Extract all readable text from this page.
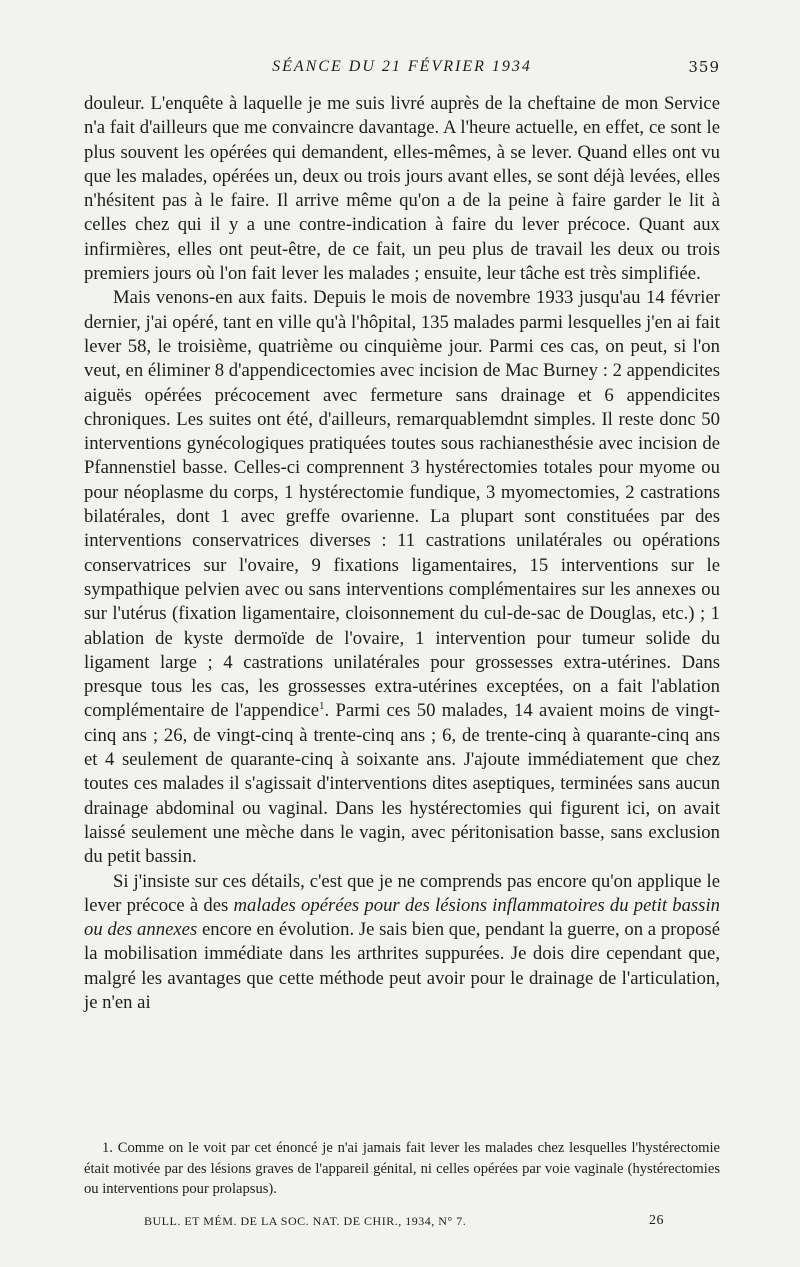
SÉANCE DU 21 FÉVRIER 1934	359

douleur. L'enquête à laquelle je me suis livré auprès de la cheftaine de mon Service n'a fait d'ailleurs que me convaincre davantage. A l'heure actuelle, en effet, ce sont le plus souvent les opérées qui demandent, elles-mêmes, à se lever. Quand elles ont vu que les malades, opérées un, deux ou trois jours avant elles, se sont déjà levées, elles n'hésitent pas à le faire. Il arrive même qu'on a de la peine à faire garder le lit à celles chez qui il y a une contre-indication à faire du lever précoce. Quant aux infirmières, elles ont peut-être, de ce fait, un peu plus de travail les deux ou trois premiers jours où l'on fait lever les malades ; ensuite, leur tâche est très simplifiée.

Mais venons-en aux faits. Depuis le mois de novembre 1933 jusqu'au 14 février dernier, j'ai opéré, tant en ville qu'à l'hôpital, 135 malades parmi lesquelles j'en ai fait lever 58, le troisième, quatrième ou cinquième jour. Parmi ces cas, on peut, si l'on veut, en éliminer 8 d'appendicectomies avec incision de Mac Burney : 2 appendicites aiguës opérées précocement avec fermeture sans drainage et 6 appendicites chroniques. Les suites ont été, d'ailleurs, remarquablemdnt simples. Il reste donc 50 interventions gynécologiques pratiquées toutes sous rachianesthésie avec incision de Pfannenstiel basse. Celles-ci comprennent 3 hystérectomies totales pour myome ou pour néoplasme du corps, 1 hystérectomie fundique, 3 myomectomies, 2 castrations bilatérales, dont 1 avec greffe ovarienne. La plupart sont constituées par des interventions conservatrices diverses : 11 castrations unilatérales ou opérations conservatrices sur l'ovaire, 9 fixations ligamentaires, 15 interventions sur le sympathique pelvien avec ou sans interventions complémentaires sur les annexes ou sur l'utérus (fixation ligamentaire, cloisonnement du cul-de-sac de Douglas, etc.) ; 1 ablation de kyste dermoïde de l'ovaire, 1 intervention pour tumeur solide du ligament large ; 4 castrations unilatérales pour grossesses extra-utérines. Dans presque tous les cas, les grossesses extra-utérines exceptées, on a fait l'ablation complémentaire de l'appendice$^1$. Parmi ces 50 malades, 14 avaient moins de vingt-cinq ans ; 26, de vingt-cinq à trente-cinq ans ; 6, de trente-cinq à quarante-cinq ans et 4 seulement de quarante-cinq à soixante ans. J'ajoute immédiatement que chez toutes ces malades il s'agissait d'interventions dites aseptiques, terminées sans aucun drainage abdominal ou vaginal. Dans les hystérectomies qui figurent ici, on avait laissé seulement une mèche dans le vagin, avec péritonisation basse, sans exclusion du petit bassin.

Si j'insiste sur ces détails, c'est que je ne comprends pas encore qu'on applique le lever précoce à des malades opérées pour des lésions inflammatoires du petit bassin ou des annexes encore en évolution. Je sais bien que, pendant la guerre, on a proposé la mobilisation immédiate dans les arthrites suppurées. Je dois dire cependant que, malgré les avantages que cette méthode peut avoir pour le drainage de l'articulation, je n'en ai

1. Comme on le voit par cet énoncé je n'ai jamais fait lever les malades chez lesquelles l'hystérectomie était motivée par des lésions graves de l'appareil génital, ni celles opérées par voie vaginale (hystérectomies ou interventions pour prolapsus).
BULL. ET MÉM. DE LA SOC. NAT. DE CHIR., 1934, N° 7.	26
